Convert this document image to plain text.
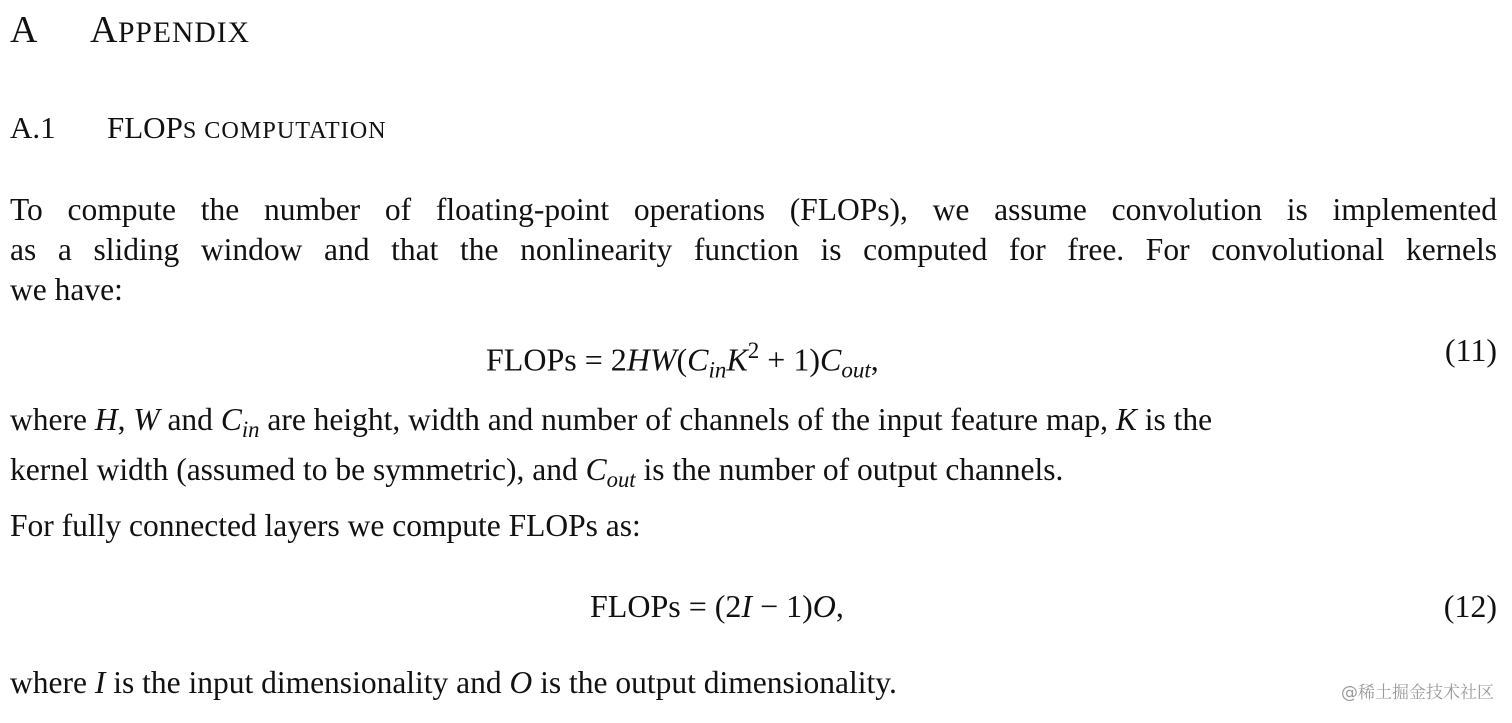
A APPENDIX
A.1 FLOPS COMPUTATION

To compute the number of floating-point operations (FLOPs), we assume convolution is implemented
as a sliding window and that the nonlinearity function is computed for free. For convolutional kernels
we have:

FLOPs = $2HW(C_{in}K^2 + 1)C_{out}$,	(11)

where H, W and $C_{in}$ are height, width and number of channels of the input feature map, K is the
kernel width (assumed to be symmetric), and $C_{out}$ is the number of output channels.

For fully connected layers we compute FLOPs as:

FLOPs = (2I − 1)O,	(12)

where I is the input dimensionality and O is the output dimensionality.	@稀土掘金技术社区
